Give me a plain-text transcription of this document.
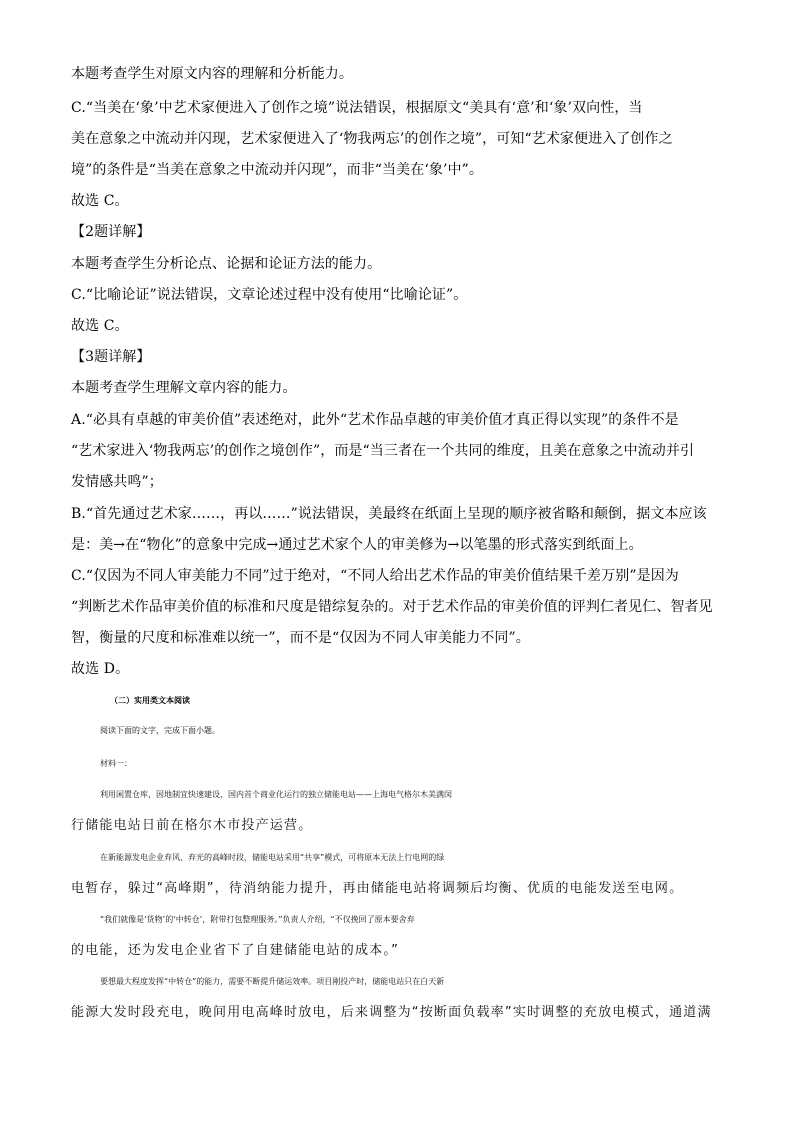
本题考查学生对原文内容的理解和分析能力。
C.“当美在‘象’中艺术家便进入了创作之境”说法错误，根据原文“美具有‘意’和‘象’双向性，当
美在意象之中流动并闪现，艺术家便进入了‘物我两忘’的创作之境”，可知“艺术家便进入了创作之
境”的条件是“当美在意象之中流动并闪现”，而非“当美在‘象’中”。
故选 C。
【2题详解】
本题考查学生分析论点、论据和论证方法的能力。
C.“比喻论证”说法错误，文章论述过程中没有使用“比喻论证”。
故选 C。
【3题详解】
本题考查学生理解文章内容的能力。
A.“必具有卓越的审美价值”表述绝对，此外“艺术作品卓越的审美价值才真正得以实现”的条件不是
“艺术家进入‘物我两忘’的创作之境创作”，而是“当三者在一个共同的维度，且美在意象之中流动并引
发情感共鸣”；
B.“首先通过艺术家……，再以……”说法错误，美最终在纸面上呈现的顺序被省略和颠倒，据文本应该
是：美→在“物化”的意象中完成→通过艺术家个人的审美修为→以笔墨的形式落实到纸面上。
C.“仅因为不同人审美能力不同”过于绝对，“不同人给出艺术作品的审美价值结果千差万别”是因为
“判断艺术作品审美价值的标准和尺度是错综复杂的。对于艺术作品的审美价值的评判仁者见仁、智者见
智，衡量的尺度和标准难以统一”，而不是“仅因为不同人审美能力不同”。
故选 D。
（二）实用类文本阅读
阅读下面的文字，完成下面小题。
材料一：
利用闲置仓库，因地制宜快速建设，国内首个商业化运行的独立储能电站——上海电气格尔木美满闵
行储能电站日前在格尔木市投产运营。
在新能源发电企业弃风、弃光的高峰时段，储能电站采用“共享”模式，可将原本无法上行电网的绿
电暂存，躲过“高峰期”，待消纳能力提升，再由储能电站将调频后均衡、优质的电能发送至电网。
“我们就像是‘货物’的‘中转仓’，附带打包整理服务。”负责人介绍，“不仅挽回了原本要舍弃
的电能，还为发电企业省下了自建储能电站的成本。”
要想最大程度发挥“中转仓”的能力，需要不断提升储运效率。项目刚投产时，储能电站只在白天新
能源大发时段充电，晚间用电高峰时放电，后来调整为“按断面负载率”实时调整的充放电模式，通道满
